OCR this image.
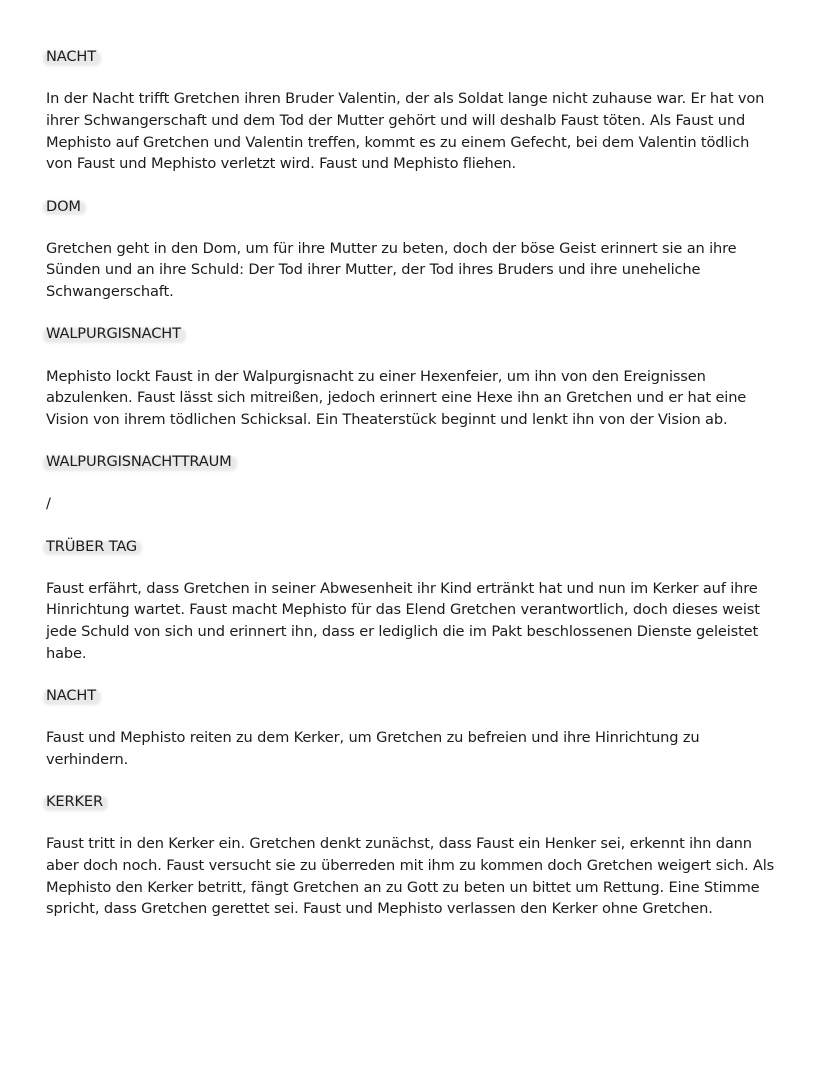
NACHT

In der Nacht trifft Gretchen ihren Bruder Valentin, der als Soldat lange nicht zuhause war. Er hat von ihrer Schwangerschaft und dem Tod der Mutter gehört und will deshalb Faust töten. Als Faust und Mephisto auf Gretchen und Valentin treffen, kommt es zu einem Gefecht, bei dem Valentin tödlich von Faust und Mephisto verletzt wird. Faust und Mephisto fliehen.

DOM

Gretchen geht in den Dom, um für ihre Mutter zu beten, doch der böse Geist erinnert sie an ihre Sünden und an ihre Schuld: Der Tod ihrer Mutter, der Tod ihres Bruders und ihre uneheliche Schwangerschaft.

WALPURGISNACHT

Mephisto lockt Faust in der Walpurgisnacht zu einer Hexenfeier, um ihn von den Ereignissen abzulenken. Faust lässt sich mitreißen, jedoch erinnert eine Hexe ihn an Gretchen und er hat eine Vision von ihrem tödlichen Schicksal. Ein Theaterstück beginnt und lenkt ihn von der Vision ab.

WALPURGISNACHTTRAUM

/

TRÜBER TAG

Faust erfährt, dass Gretchen in seiner Abwesenheit ihr Kind ertränkt hat und nun im Kerker auf ihre Hinrichtung wartet. Faust macht Mephisto für das Elend Gretchen verantwortlich, doch dieses weist jede Schuld von sich und erinnert ihn, dass er lediglich die im Pakt beschlossenen Dienste geleistet habe.

NACHT

Faust und Mephisto reiten zu dem Kerker, um Gretchen zu befreien und ihre Hinrichtung zu verhindern.

KERKER

Faust tritt in den Kerker ein. Gretchen denkt zunächst, dass Faust ein Henker sei, erkennt ihn dann aber doch noch. Faust versucht sie zu überreden mit ihm zu kommen doch Gretchen weigert sich. Als Mephisto den Kerker betritt, fängt Gretchen an zu Gott zu beten un bittet um Rettung. Eine Stimme spricht, dass Gretchen gerettet sei. Faust und Mephisto verlassen den Kerker ohne Gretchen.
